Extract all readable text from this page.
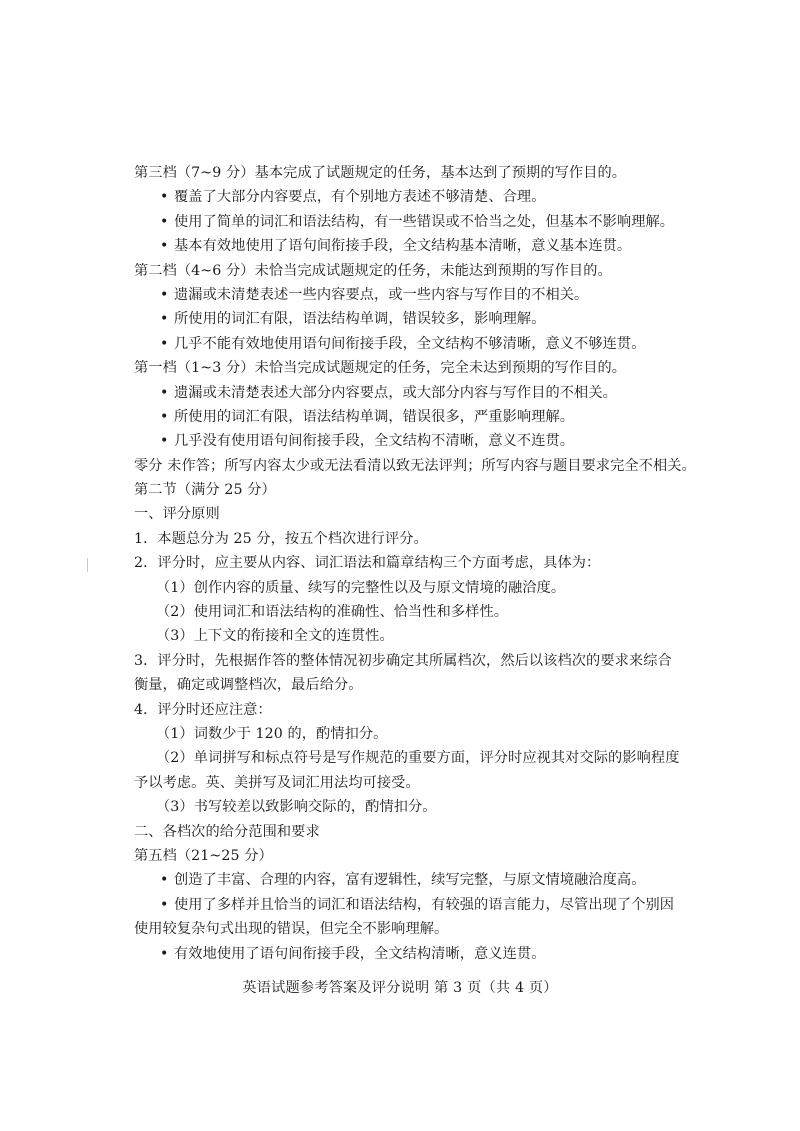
第三档（7~9 分）基本完成了试题规定的任务，基本达到了预期的写作目的。
• 覆盖了大部分内容要点，有个别地方表述不够清楚、合理。
• 使用了简单的词汇和语法结构，有一些错误或不恰当之处，但基本不影响理解。
• 基本有效地使用了语句间衔接手段，全文结构基本清晰，意义基本连贯。
第二档（4~6 分）未恰当完成试题规定的任务，未能达到预期的写作目的。
• 遗漏或未清楚表述一些内容要点，或一些内容与写作目的不相关。
• 所使用的词汇有限，语法结构单调，错误较多，影响理解。
• 几乎不能有效地使用语句间衔接手段，全文结构不够清晰，意义不够连贯。
第一档（1~3 分）未恰当完成试题规定的任务，完全未达到预期的写作目的。
• 遗漏或未清楚表述大部分内容要点，或大部分内容与写作目的不相关。
• 所使用的词汇有限，语法结构单调，错误很多，严重影响理解。
• 几乎没有使用语句间衔接手段，全文结构不清晰，意义不连贯。
零分 未作答；所写内容太少或无法看清以致无法评判；所写内容与题目要求完全不相关。
第二节（满分 25 分）
一、评分原则
1．本题总分为 25 分，按五个档次进行评分。
2．评分时，应主要从内容、词汇语法和篇章结构三个方面考虑，具体为：
（1）创作内容的质量、续写的完整性以及与原文情境的融洽度。
（2）使用词汇和语法结构的准确性、恰当性和多样性。
（3）上下文的衔接和全文的连贯性。
3．评分时，先根据作答的整体情况初步确定其所属档次，然后以该档次的要求来综合
衡量，确定或调整档次，最后给分。
4．评分时还应注意：
（1）词数少于 120 的，酌情扣分。
（2）单词拼写和标点符号是写作规范的重要方面，评分时应视其对交际的影响程度
予以考虑。英、美拼写及词汇用法均可接受。
（3）书写较差以致影响交际的，酌情扣分。
二、各档次的给分范围和要求
第五档（21~25 分）
• 创造了丰富、合理的内容，富有逻辑性，续写完整，与原文情境融洽度高。
• 使用了多样并且恰当的词汇和语法结构，有较强的语言能力，尽管出现了个别因
使用较复杂句式出现的错误，但完全不影响理解。
• 有效地使用了语句间衔接手段，全文结构清晰，意义连贯。
英语试题参考答案及评分说明 第 3 页（共 4 页）
